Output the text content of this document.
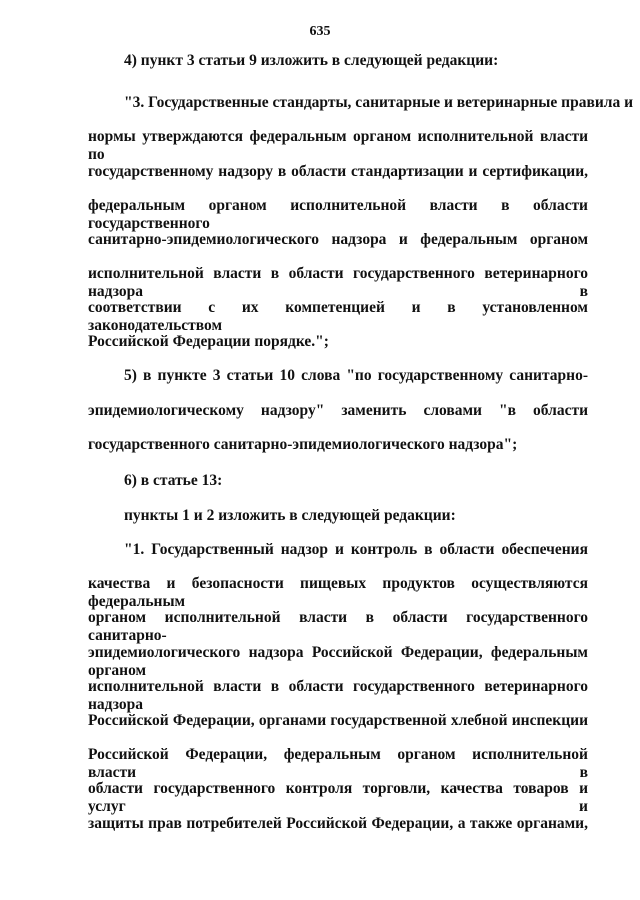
635
4) пункт 3 статьи 9 изложить в следующей редакции:
"3. Государственные стандарты, санитарные и ветеринарные правила и
нормы утверждаются федеральным органом исполнительной власти по
государственному надзору в области стандартизации и сертификации,
федеральным органом исполнительной власти в области государственного
санитарно-эпидемиологического надзора и федеральным органом
исполнительной власти в области государственного ветеринарного надзора в
соответствии с их компетенцией и в установленном законодательством
Российской Федерации порядке.";
5) в пункте 3 статьи 10 слова "по государственному санитарно-
эпидемиологическому надзору" заменить словами "в области
государственного санитарно-эпидемиологического надзора";
6) в статье 13:
пункты 1 и 2 изложить в следующей редакции:
"1. Государственный надзор и контроль в области обеспечения
качества и безопасности пищевых продуктов осуществляются федеральным
органом исполнительной власти в области государственного санитарно-
эпидемиологического надзора Российской Федерации, федеральным органом
исполнительной власти в области государственного ветеринарного надзора
Российской Федерации, органами государственной хлебной инспекции
Российской Федерации, федеральным органом исполнительной власти в
области государственного контроля торговли, качества товаров и услуг и
защиты прав потребителей Российской Федерации, а также органами,
